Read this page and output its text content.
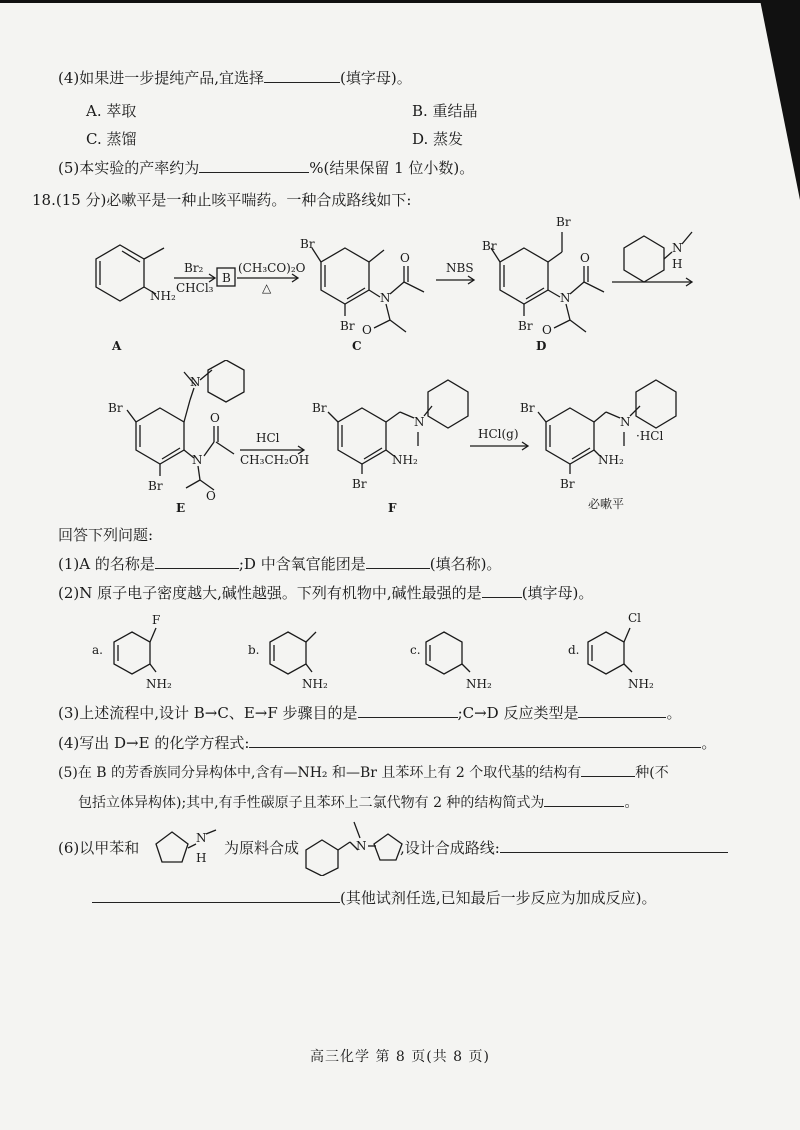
(4)如果进一步提纯产品,宜选择	(填字母)。
A. 萃取	B. 重结晶
C. 蒸馏	D. 蒸发
(5)本实验的产率约为	%(结果保留 1 位小数)。
18.(15 分)必嗽平是一种止咳平喘药。一种合成路线如下:
NH₂
A
Br₂
CHCl₃
B
(CH₃CO)₂O
△
Br
N
Br
O
O
C
NBS
Br
Br
N
Br
O
O
D
N
H
Br
N
N
Br
O
O
E
HCl
CH₃CH₂OH
Br
N
NH₂
Br
F
HCl(g)
Br
N
·HCl
NH₂
Br
必嗽平
回答下列问题:
(1)A 的名称是	;D 中含氧官能团是	(填名称)。
(2)N 原子电子密度越大,碱性越强。下列有机物中,碱性最强的是	(填字母)。
a.
F
NH₂
b.
NH₂
c.
NH₂
d.
Cl
NH₂
(3)上述流程中,设计 B→C、E→F 步骤目的是	;C→D 反应类型是	。
(4)写出 D→E 的化学方程式:	。
(5)在 B 的芳香族同分异构体中,含有—NH₂ 和—Br 且苯环上有 2 个取代基的结构有	种(不
包括立体异构体);其中,有手性碳原子且苯环上二氯代物有 2 种的结构简式为	。
(6)以甲苯和
N
H
为原料合成	N ,设计合成路线:
(其他试剂任选,已知最后一步反应为加成反应)。
高三化学 第 8 页(共 8 页)
